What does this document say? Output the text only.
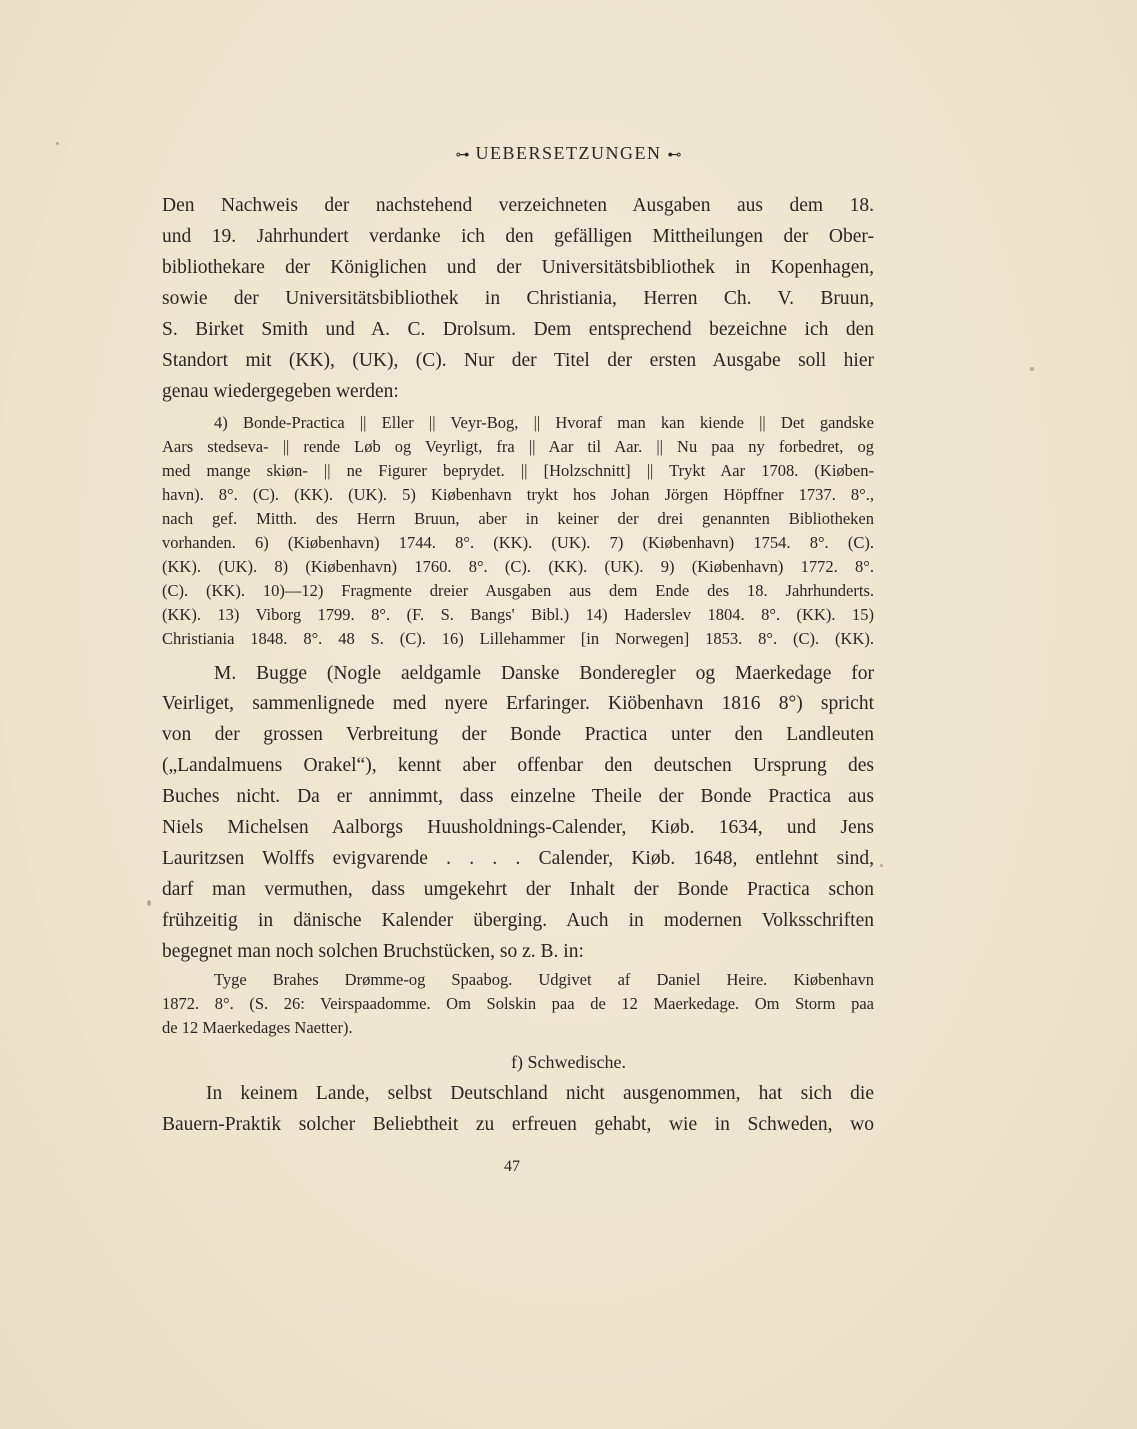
⊶ UEBERSETZUNGEN ⊷
Den Nachweis der nachstehend verzeichneten Ausgaben aus dem 18.
und 19. Jahrhundert verdanke ich den gefälligen Mittheilungen der Ober-
bibliothekare der Königlichen und der Universitätsbibliothek in Kopenhagen,
sowie der Universitätsbibliothek in Christiania, Herren Ch. V. Bruun,
S. Birket Smith und A. C. Drolsum. Dem entsprechend bezeichne ich den
Standort mit (KK), (UK), (C). Nur der Titel der ersten Ausgabe soll hier
genau wiedergegeben werden:
4) Bonde-Practica || Eller || Veyr-Bog, || Hvoraf man kan kiende || Det gandske
Aars stedseva- || rende Løb og Veyrligt, fra || Aar til Aar. || Nu paa ny forbedret, og
med mange skiøn- || ne Figurer beprydet. || [Holzschnitt] || Trykt Aar 1708. (Kiøben-
havn). 8°. (C). (KK). (UK). 5) Kiøbenhavn trykt hos Johan Jörgen Höpffner 1737. 8°.,
nach gef. Mitth. des Herrn Bruun, aber in keiner der drei genannten Bibliotheken
vorhanden. 6) (Kiøbenhavn) 1744. 8°. (KK). (UK). 7) (Kiøbenhavn) 1754. 8°. (C).
(KK). (UK). 8) (Kiøbenhavn) 1760. 8°. (C). (KK). (UK). 9) (Kiøbenhavn) 1772. 8°.
(C). (KK). 10)—12) Fragmente dreier Ausgaben aus dem Ende des 18. Jahrhunderts.
(KK). 13) Viborg 1799. 8°. (F. S. Bangs' Bibl.) 14) Haderslev 1804. 8°. (KK). 15)
Christiania 1848. 8°. 48 S. (C). 16) Lillehammer [in Norwegen] 1853. 8°. (C). (KK).
M. Bugge (Nogle aeldgamle Danske Bonderegler og Maerkedage for
Veirliget, sammenlignede med nyere Erfaringer. Kiöbenhavn 1816 8°) spricht
von der grossen Verbreitung der Bonde Practica unter den Landleuten
(„Landalmuens Orakel“), kennt aber offenbar den deutschen Ursprung des
Buches nicht. Da er annimmt, dass einzelne Theile der Bonde Practica aus
Niels Michelsen Aalborgs Huusholdnings-Calender, Kiøb. 1634, und Jens
Lauritzsen Wolffs evigvarende . . . . Calender, Kiøb. 1648, entlehnt sind,
darf man vermuthen, dass umgekehrt der Inhalt der Bonde Practica schon
frühzeitig in dänische Kalender überging. Auch in modernen Volksschriften
begegnet man noch solchen Bruchstücken, so z. B. in:
Tyge Brahes Drømme-og Spaabog. Udgivet af Daniel Heire. Kiøbenhavn
1872. 8°. (S. 26: Veirspaadomme. Om Solskin paa de 12 Maerkedage. Om Storm paa
de 12 Maerkedages Naetter).
f) Schwedische.
In keinem Lande, selbst Deutschland nicht ausgenommen, hat sich die
Bauern-Praktik solcher Beliebtheit zu erfreuen gehabt, wie in Schweden, wo
47
